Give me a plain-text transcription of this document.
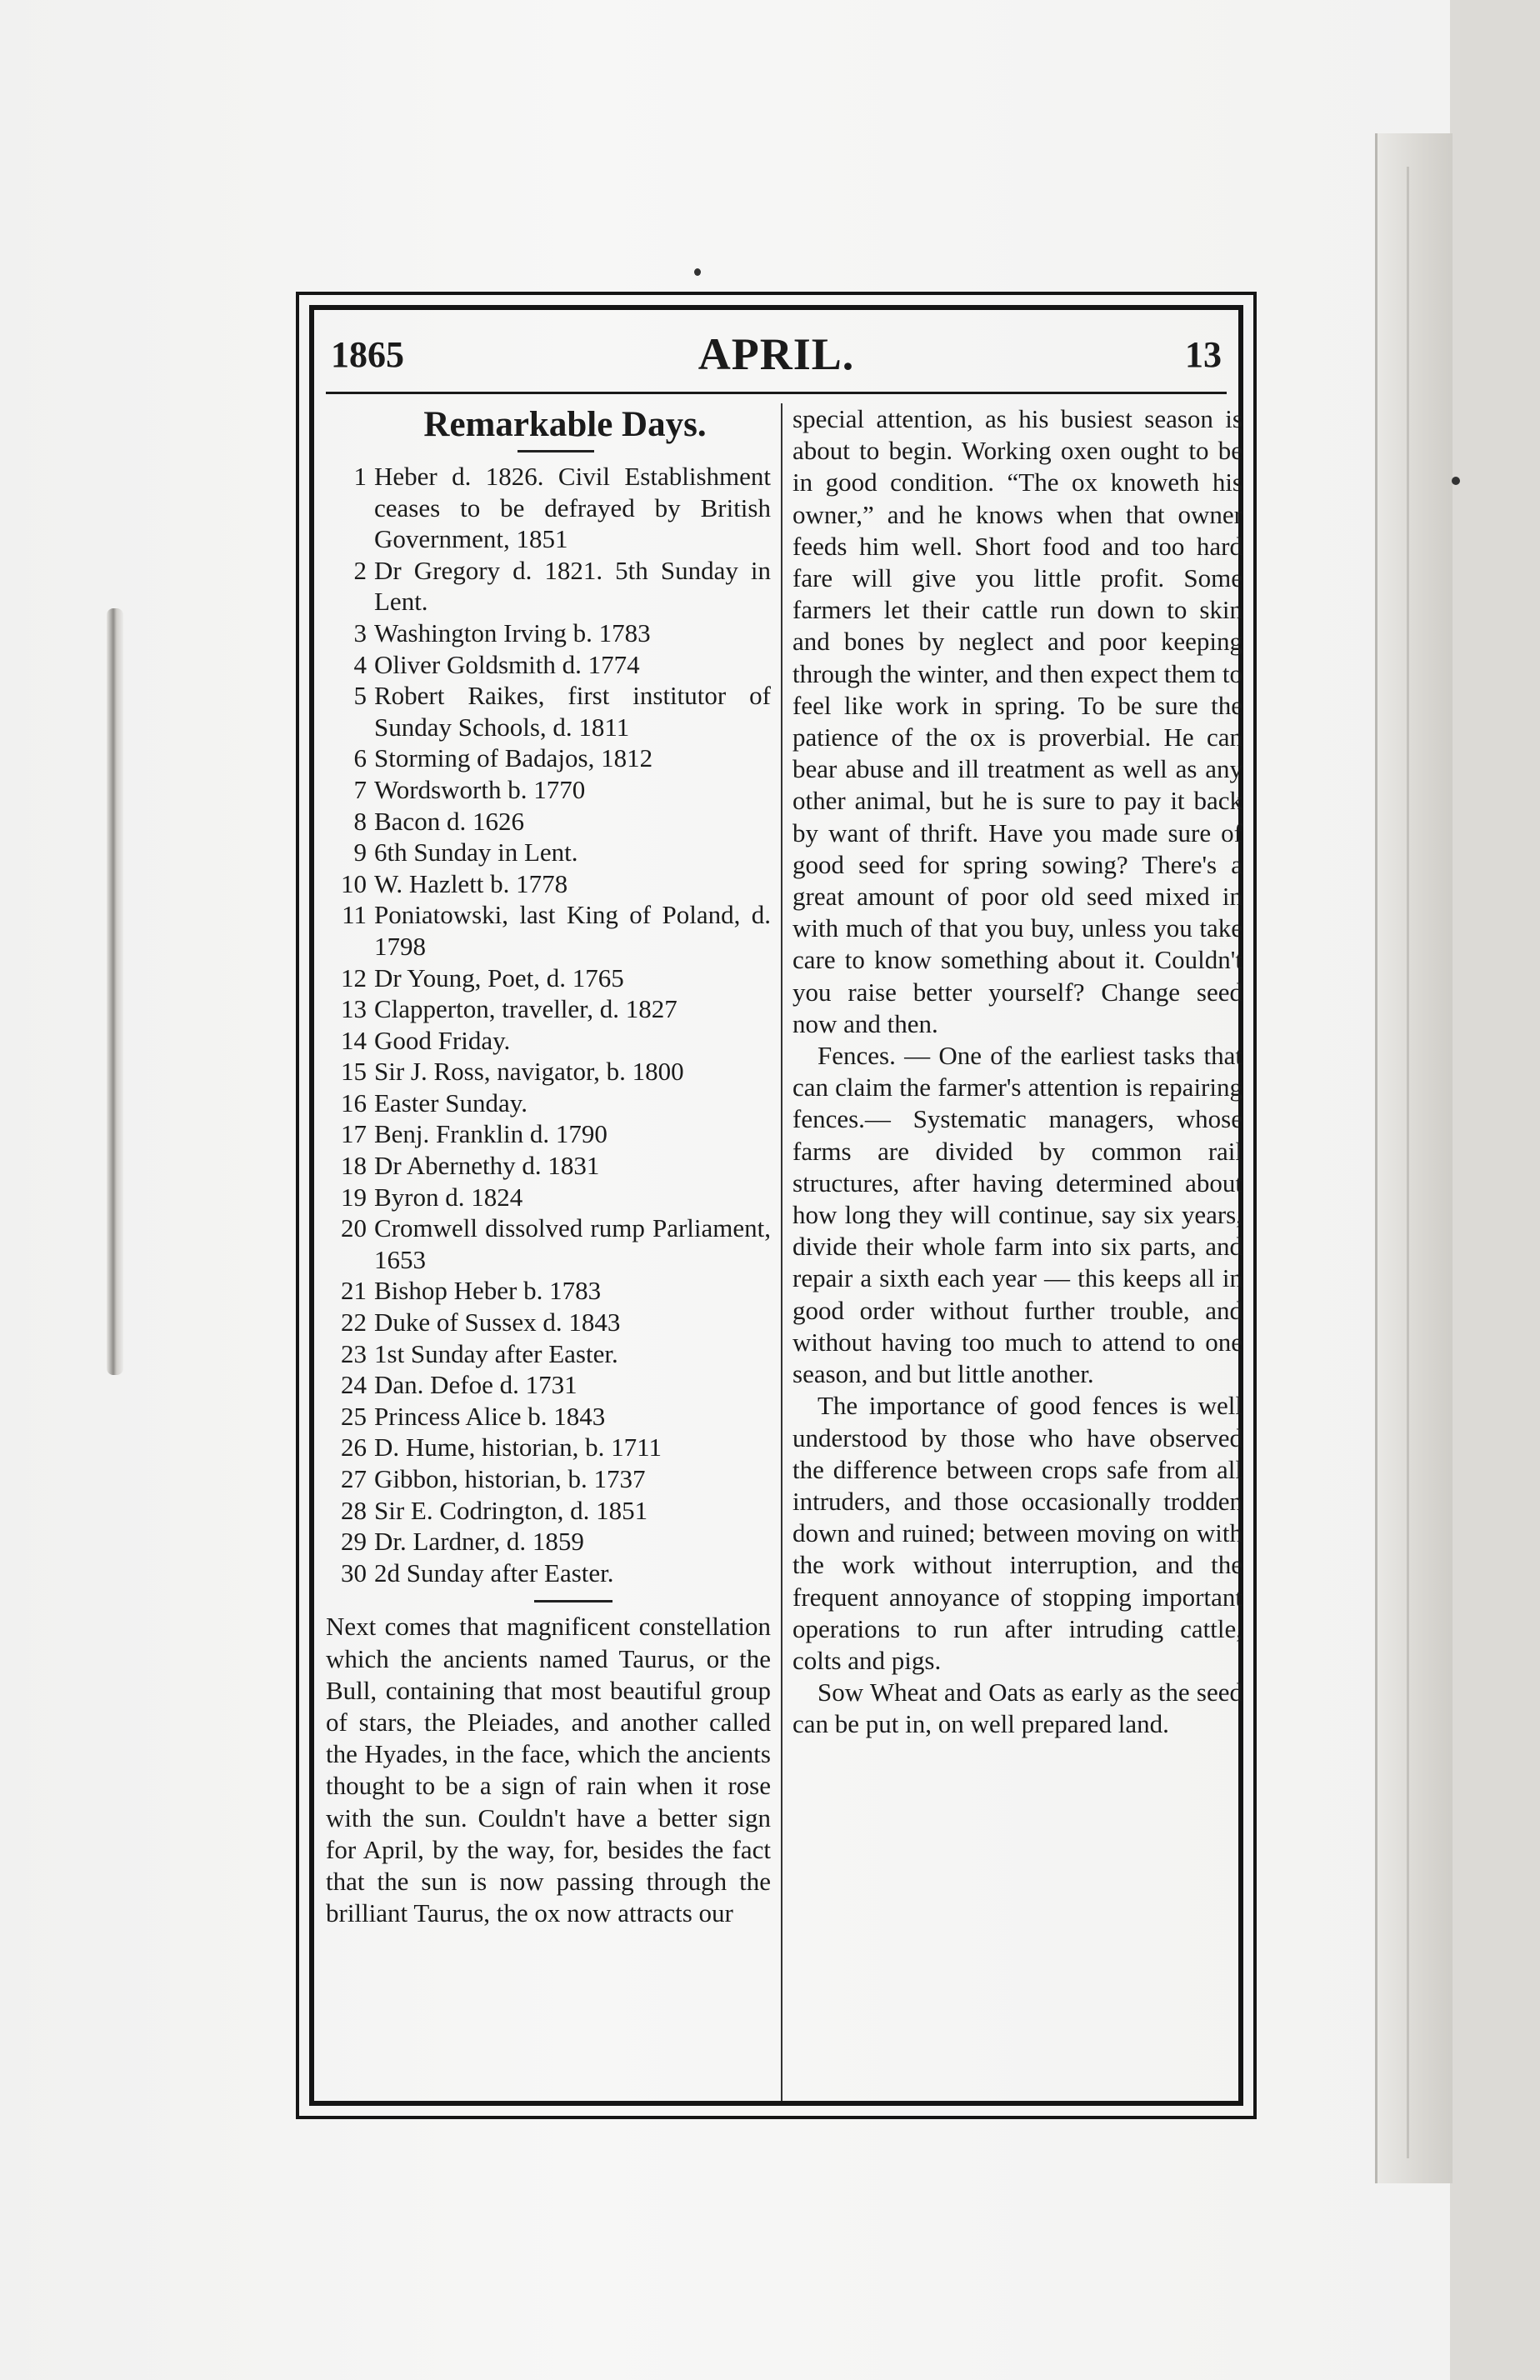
1865	APRIL.	13
Remarkable Days.
1 Heber d. 1826. Civil Establishment ceases to be defrayed by British Government, 1851
2 Dr Gregory d. 1821. 5th Sunday in Lent.
3 Washington Irving b. 1783
4 Oliver Goldsmith d. 1774
5 Robert Raikes, first institutor of Sunday Schools, d. 1811
6 Storming of Badajos, 1812
7 Wordsworth b. 1770
8 Bacon d. 1626
9 6th Sunday in Lent.
10 W. Hazlett b. 1778
11 Poniatowski, last King of Poland, d. 1798
12 Dr Young, Poet, d. 1765
13 Clapperton, traveller, d. 1827
14 Good Friday.
15 Sir J. Ross, navigator, b. 1800
16 Easter Sunday.
17 Benj. Franklin d. 1790
18 Dr Abernethy d. 1831
19 Byron d. 1824
20 Cromwell dissolved rump Parliament, 1653
21 Bishop Heber b. 1783
22 Duke of Sussex d. 1843
23 1st Sunday after Easter.
24 Dan. Defoe d. 1731
25 Princess Alice b. 1843
26 D. Hume, historian, b. 1711
27 Gibbon, historian, b. 1737
28 Sir E. Codrington, d. 1851
29 Dr. Lardner, d. 1859
30 2d Sunday after Easter.
Next comes that magnificent constellation which the ancients named Taurus, or the Bull, containing that most beautiful group of stars, the Pleiades, and another called the Hyades, in the face, which the ancients thought to be a sign of rain when it rose with the sun. Couldn't have a better sign for April, by the way, for, besides the fact that the sun is now passing through the brilliant Taurus, the ox now attracts our

special attention, as his busiest season is about to begin. Working oxen ought to be in good condition. “The ox knoweth his owner,” and he knows when that owner feeds him well. Short food and too hard fare will give you little profit. Some farmers let their cattle run down to skin and bones by neglect and poor keeping through the winter, and then expect them to feel like work in spring. To be sure the patience of the ox is proverbial. He can bear abuse and ill treatment as well as any other animal, but he is sure to pay it back by want of thrift. Have you made sure of good seed for spring sowing? There's a great amount of poor old seed mixed in with much of that you buy, unless you take care to know something about it. Couldn't you raise better yourself? Change seed now and then.

Fences. — One of the earliest tasks that can claim the farmer's attention is repairing fences.— Systematic managers, whose farms are divided by common rail structures, after having determined about how long they will continue, say six years, divide their whole farm into six parts, and repair a sixth each year — this keeps all in good order without further trouble, and without having too much to attend to one season, and but little another.

The importance of good fences is well understood by those who have observed the difference between crops safe from all intruders, and those occasionally trodden down and ruined; between moving on with the work without interruption, and the frequent annoyance of stopping important operations to run after intruding cattle, colts and pigs.

Sow Wheat and Oats as early as the seed can be put in, on well prepared land.
